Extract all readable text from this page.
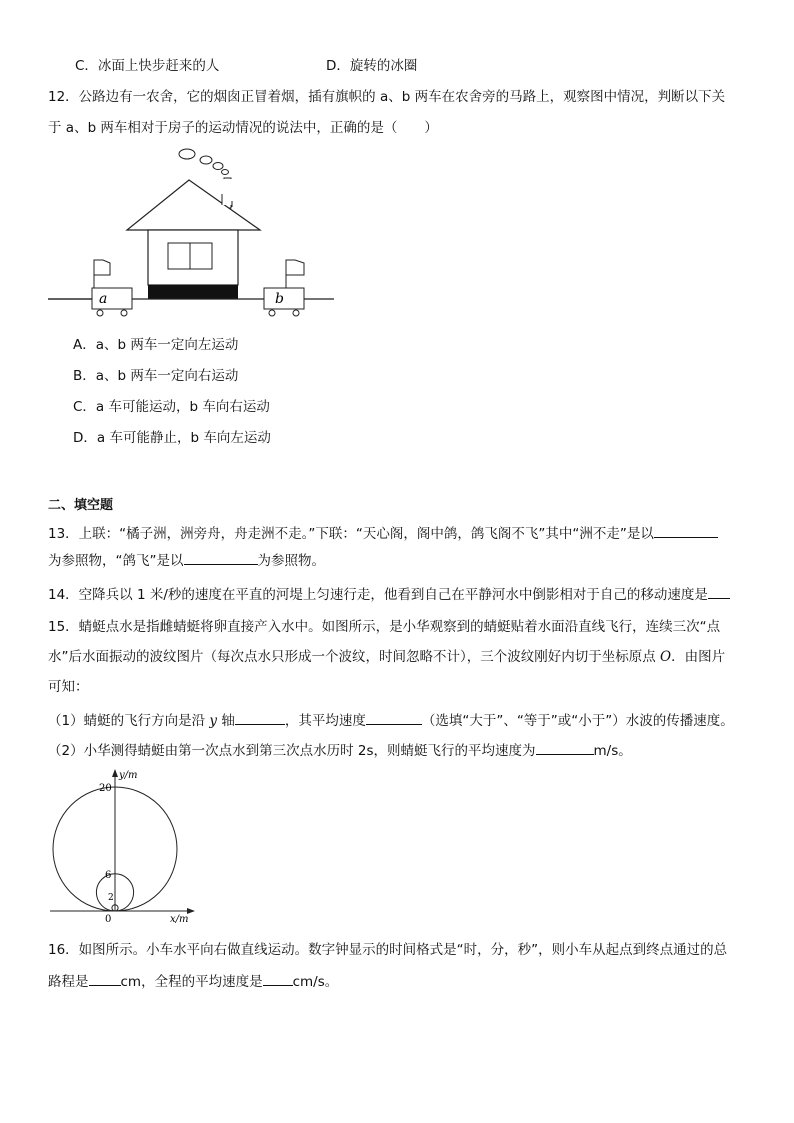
C．冰面上快步赶来的人	D．旋转的冰圈
12．公路边有一农舍，它的烟囱正冒着烟，插有旗帜的 a、b 两车在农舍旁的马路上，观察图中情况，判断以下关
于 a、b 两车相对于房子的运动情况的说法中，正确的是（　　）
a	b
A．a、b 两车一定向左运动
B．a、b 两车一定向右运动
C．a 车可能运动，b 车向右运动
D．a 车可能静止，b 车向左运动
二、填空题
13．上联：“橘子洲，洲旁舟，舟走洲不走。”下联：“天心阁，阁中鸽，鸽飞阁不飞”其中“洲不走”是以
为参照物，“鸽飞”是以	为参照物。
14．空降兵以 1 米/秒的速度在平直的河堤上匀速行走，他看到自己在平静河水中倒影相对于自己的移动速度是
15．蜻蜓点水是指雌蜻蜓将卵直接产入水中。如图所示，是小华观察到的蜻蜓贴着水面沿直线飞行，连续三次“点
水”后水面振动的波纹图片（每次点水只形成一个波纹，时间忽略不计），三个波纹刚好内切于坐标原点 O．由图片
可知：
（1）蜻蜓的飞行方向是沿 y 轴	，其平均速度	（选填“大于”、“等于”或“小于”）水波的传播速度。
（2）小华测得蜻蜓由第一次点水到第三次点水历时 2s，则蜻蜓飞行的平均速度为	m/s。
y/m
x/m
20
6
2
0
16．如图所示。小车水平向右做直线运动。数字钟显示的时间格式是“时，分，秒”，则小车从起点到终点通过的总
路程是 cm，全程的平均速度是 cm/s。
